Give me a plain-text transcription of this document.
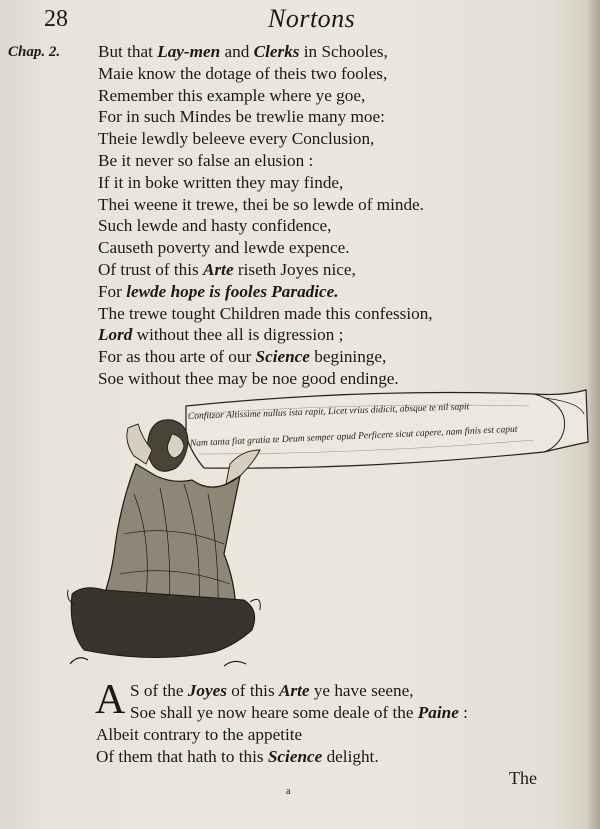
28	Nortons
Chap. 2. But that Lay-men and Clerks in Schooles,
Maie know the dotage of theis two fooles,
Remember this example where ye goe,
For in such Mindes be trewlie many moe:
Theie lewdly beleeve every Conclusion,
Be it never so false an elusion :
If it in boke written they may finde,
Thei weene it trewe, thei be so lewde of minde.
Such lewde and hasty confidence,
Causeth poverty and lewde expence.
Of trust of this Arte riseth Joyes nice,
For lewde hope is fooles Paradice.
The trewe tought Children made this confession,
Lord without thee all is digression ;
For as thou arte of our Science begininge,
Soe without thee may be noe good endinge.
Confitzor Altissime nullus ista rapit, Licet vrius didicit, absque te nil sapit
Nam tanta fiat gratia te Deum semper apud Perficere sicut capere, nam finis est caput
A S of the Joyes of this Arte ye have seene,
Soe shall ye now heare some deale of the Paine :
Albeit contrary to the appetite
Of them that hath to this Science delight.
The
a
